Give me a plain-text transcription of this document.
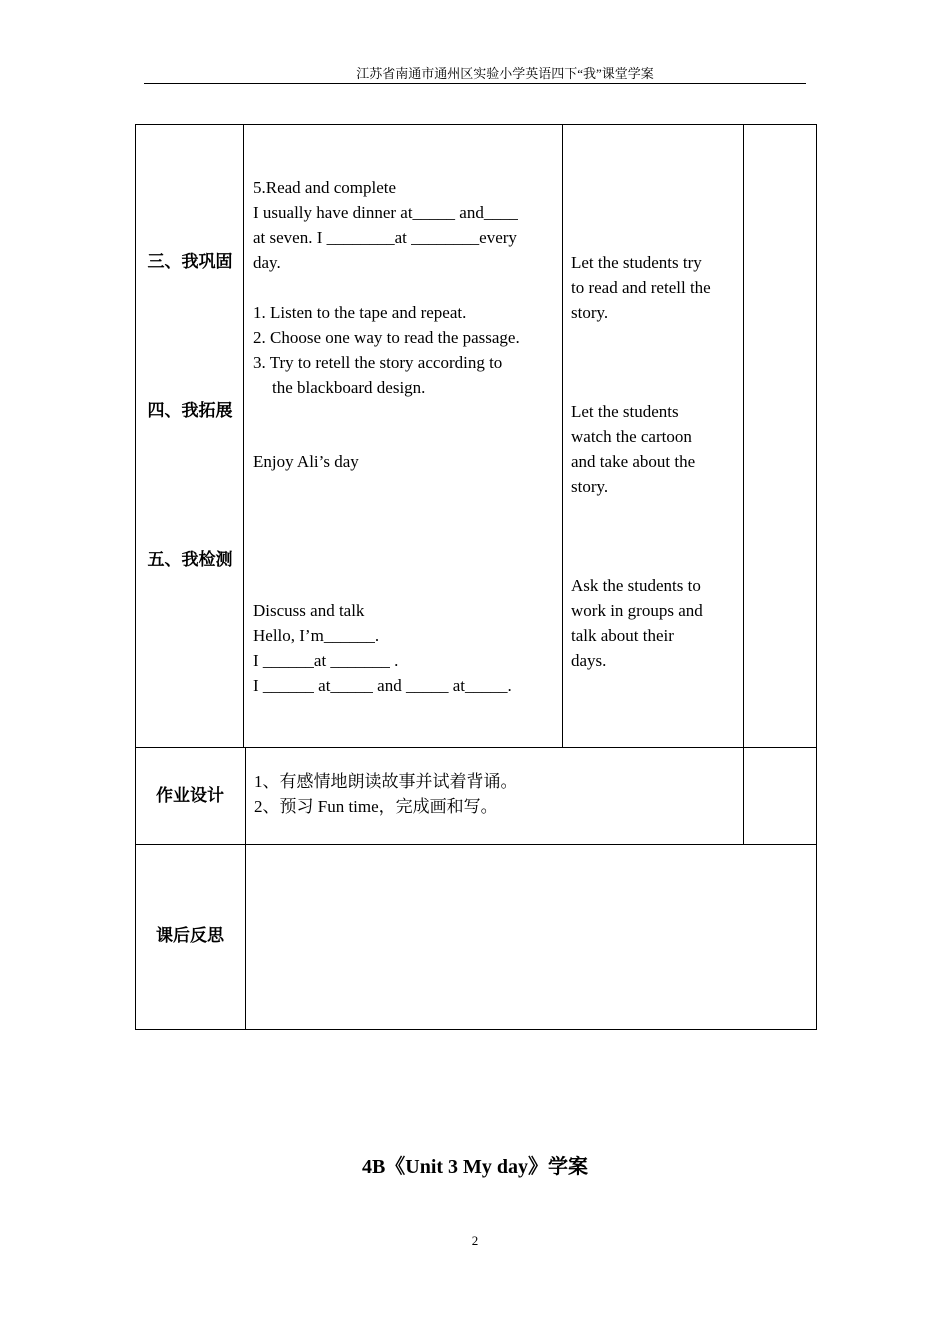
江苏省南通市通州区实验小学英语四下“我”课堂学案
三、我巩固
四、我拓展
五、我检测
5.Read and complete
I usually have dinner at_____ and____
at seven. I ________at ________every
day.
1. Listen to the tape and repeat.
2. Choose one way to read the passage.
3. Try to retell the story according to
the blackboard design.
Enjoy Ali’s day
Discuss and talk
Hello, I’m______.
I ______at _______ .
I ______ at_____ and _____ at_____.
Let the students try
to read and retell the
story.
Let the students
watch the cartoon
and take about the
story.
Ask the students to
work in groups and
talk about their
days.
作业设计
1、有感情地朗读故事并试着背诵。
2、预习 Fun time，完成画和写。
课后反思
4B《Unit 3 My day》学案
2
